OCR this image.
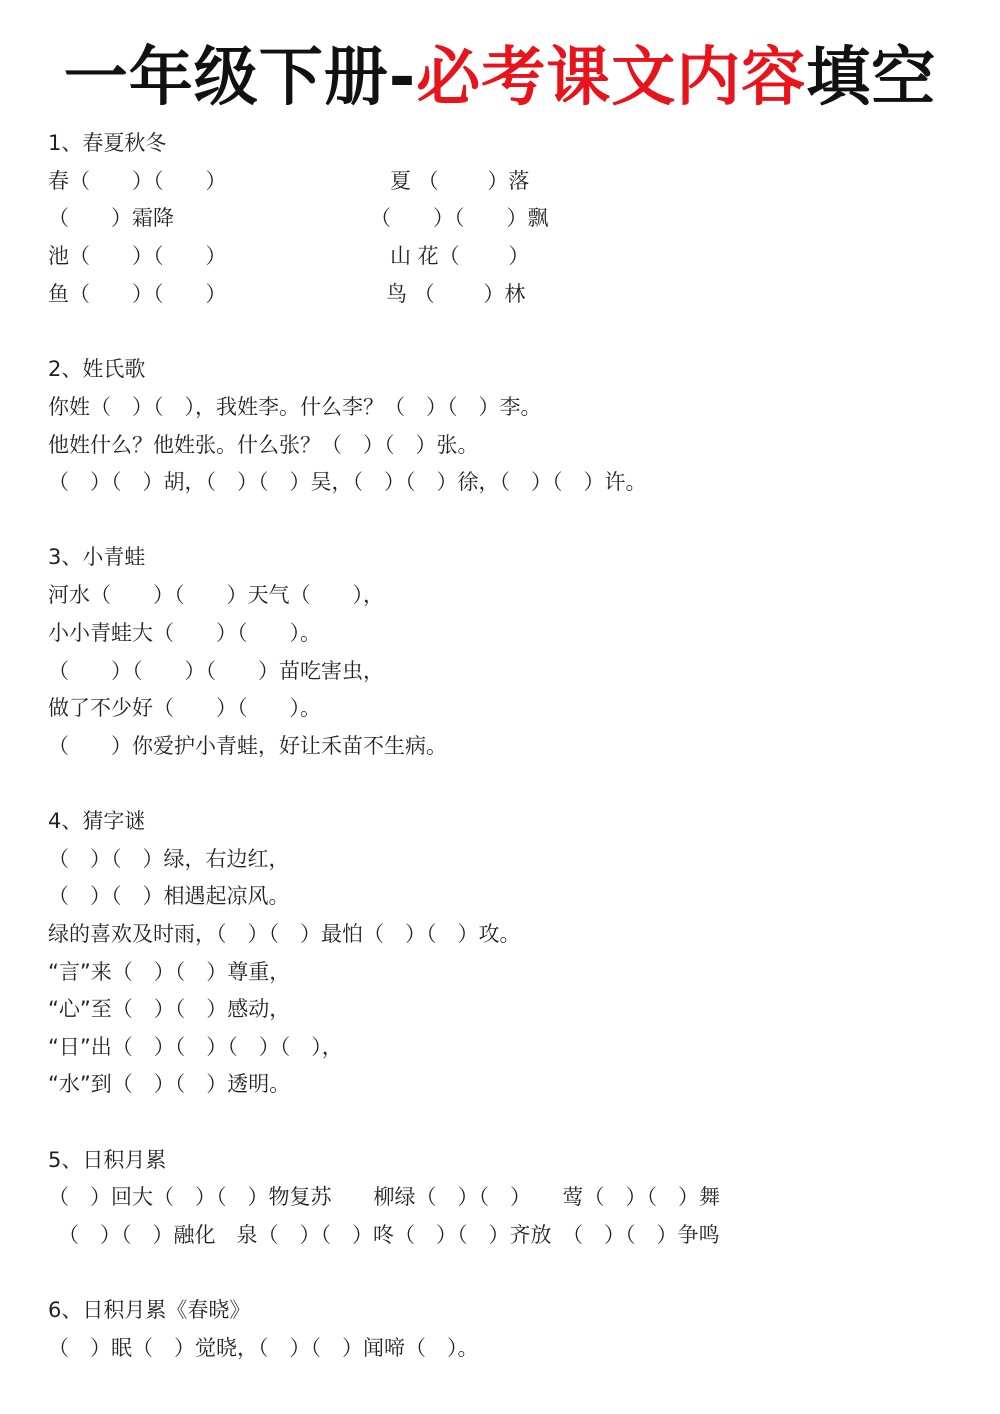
一年级下册-必考课文内容填空
1、春夏秋冬
春（　　）（　　）	夏 （　　 ）落
（　　）霜降	（　　）（　　）飘
池（　　）（　　）	山 花（　　 ）
鱼（　　）（　　）	鸟 （　　 ）林
2、姓氏歌
你姓（　）（　），我姓李。什么李？（　）（　）李。
他姓什么？他姓张。什么张？（　）（　）张。
（　）（　）胡，（　）（　）吴，（　）（　）徐，（　）（　）许。
3、小青蛙
河水（　　）（　　）天气（　　），
小小青蛙大（　　）（　　）。
（　　）（　　）（　　）苗吃害虫，
做了不少好（　　）（　　）。
（　　）你爱护小青蛙，好让禾苗不生病。
4、猜字谜
（　）（　）绿，右边红，
（　）（　）相遇起凉风。
绿的喜欢及时雨，（　）（　）最怕（　）（　）攻。
“言”来（　）（　）尊重，
“心”至（　）（　）感动，
“日”出（　）（　）（　）（　），
“水”到（　）（　）透明。
5、日积月累
（　）回大（　）（　）物复苏　　柳绿（　）（　）　　莺（　）（　）舞
（　）（　）融化　泉（　）（　）咚（　）（　）齐放　（　）（　）争鸣
6、日积月累《春晓》
（　）眠（　）觉晓，（　）（　）闻啼（　）。
